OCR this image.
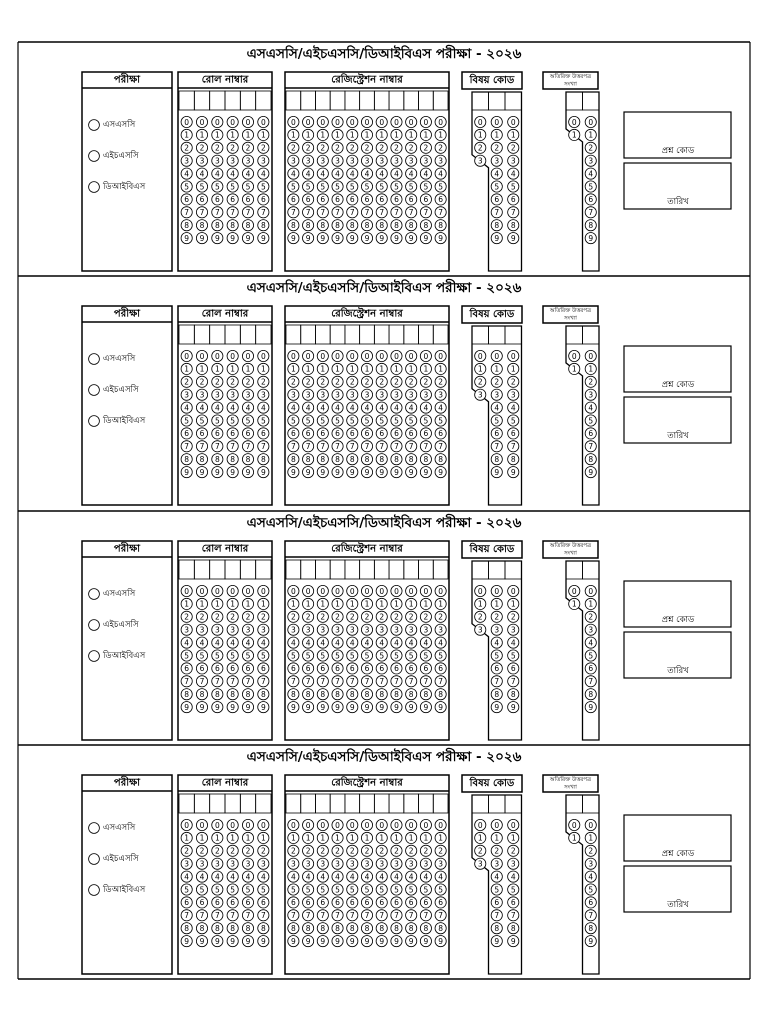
এসএসসি/এইচএসসি/ডিআইবিএস পরীক্ষা - ২০২৬
পরীক্ষা
এসএসসি
এইচএসসি
ডিআইবিএস
রোল নাম্বার
0
1
2
3
4
5
6
7
8
9
0
1
2
3
4
5
6
7
8
9
0
1
2
3
4
5
6
7
8
9
0
1
2
3
4
5
6
7
8
9
0
1
2
3
4
5
6
7
8
9
0
1
2
3
4
5
6
7
8
9
রেজিস্ট্রেশন নাম্বার
0
1
2
3
4
5
6
7
8
9
0
1
2
3
4
5
6
7
8
9
0
1
2
3
4
5
6
7
8
9
0
1
2
3
4
5
6
7
8
9
0
1
2
3
4
5
6
7
8
9
0
1
2
3
4
5
6
7
8
9
0
1
2
3
4
5
6
7
8
9
0
1
2
3
4
5
6
7
8
9
0
1
2
3
4
5
6
7
8
9
0
1
2
3
4
5
6
7
8
9
0
1
2
3
4
5
6
7
8
9
বিষয় কোড
0
1
2
3
0
1
2
3
4
5
6
7
8
9
0
1
2
3
4
5
6
7
8
9
অতিরিক্ত উত্তরপত্র
সংখ্যা
0
1
0
1
2
3
4
5
6
7
8
9
প্রশ্ন কোড
তারিখ
এসএসসি/এইচএসসি/ডিআইবিএস পরীক্ষা - ২০২৬
পরীক্ষা
এসএসসি
এইচএসসি
ডিআইবিএস
রোল নাম্বার
0
1
2
3
4
5
6
7
8
9
0
1
2
3
4
5
6
7
8
9
0
1
2
3
4
5
6
7
8
9
0
1
2
3
4
5
6
7
8
9
0
1
2
3
4
5
6
7
8
9
0
1
2
3
4
5
6
7
8
9
রেজিস্ট্রেশন নাম্বার
0
1
2
3
4
5
6
7
8
9
0
1
2
3
4
5
6
7
8
9
0
1
2
3
4
5
6
7
8
9
0
1
2
3
4
5
6
7
8
9
0
1
2
3
4
5
6
7
8
9
0
1
2
3
4
5
6
7
8
9
0
1
2
3
4
5
6
7
8
9
0
1
2
3
4
5
6
7
8
9
0
1
2
3
4
5
6
7
8
9
0
1
2
3
4
5
6
7
8
9
0
1
2
3
4
5
6
7
8
9
বিষয় কোড
0
1
2
3
0
1
2
3
4
5
6
7
8
9
0
1
2
3
4
5
6
7
8
9
অতিরিক্ত উত্তরপত্র
সংখ্যা
0
1
0
1
2
3
4
5
6
7
8
9
প্রশ্ন কোড
তারিখ
এসএসসি/এইচএসসি/ডিআইবিএস পরীক্ষা - ২০২৬
পরীক্ষা
এসএসসি
এইচএসসি
ডিআইবিএস
রোল নাম্বার
0
1
2
3
4
5
6
7
8
9
0
1
2
3
4
5
6
7
8
9
0
1
2
3
4
5
6
7
8
9
0
1
2
3
4
5
6
7
8
9
0
1
2
3
4
5
6
7
8
9
0
1
2
3
4
5
6
7
8
9
রেজিস্ট্রেশন নাম্বার
0
1
2
3
4
5
6
7
8
9
0
1
2
3
4
5
6
7
8
9
0
1
2
3
4
5
6
7
8
9
0
1
2
3
4
5
6
7
8
9
0
1
2
3
4
5
6
7
8
9
0
1
2
3
4
5
6
7
8
9
0
1
2
3
4
5
6
7
8
9
0
1
2
3
4
5
6
7
8
9
0
1
2
3
4
5
6
7
8
9
0
1
2
3
4
5
6
7
8
9
0
1
2
3
4
5
6
7
8
9
বিষয় কোড
0
1
2
3
0
1
2
3
4
5
6
7
8
9
0
1
2
3
4
5
6
7
8
9
অতিরিক্ত উত্তরপত্র
সংখ্যা
0
1
0
1
2
3
4
5
6
7
8
9
প্রশ্ন কোড
তারিখ
এসএসসি/এইচএসসি/ডিআইবিএস পরীক্ষা - ২০২৬
পরীক্ষা
এসএসসি
এইচএসসি
ডিআইবিএস
রোল নাম্বার
0
1
2
3
4
5
6
7
8
9
0
1
2
3
4
5
6
7
8
9
0
1
2
3
4
5
6
7
8
9
0
1
2
3
4
5
6
7
8
9
0
1
2
3
4
5
6
7
8
9
0
1
2
3
4
5
6
7
8
9
রেজিস্ট্রেশন নাম্বার
0
1
2
3
4
5
6
7
8
9
0
1
2
3
4
5
6
7
8
9
0
1
2
3
4
5
6
7
8
9
0
1
2
3
4
5
6
7
8
9
0
1
2
3
4
5
6
7
8
9
0
1
2
3
4
5
6
7
8
9
0
1
2
3
4
5
6
7
8
9
0
1
2
3
4
5
6
7
8
9
0
1
2
3
4
5
6
7
8
9
0
1
2
3
4
5
6
7
8
9
0
1
2
3
4
5
6
7
8
9
বিষয় কোড
0
1
2
3
0
1
2
3
4
5
6
7
8
9
0
1
2
3
4
5
6
7
8
9
অতিরিক্ত উত্তরপত্র
সংখ্যা
0
1
0
1
2
3
4
5
6
7
8
9
প্রশ্ন কোড
তারিখ
